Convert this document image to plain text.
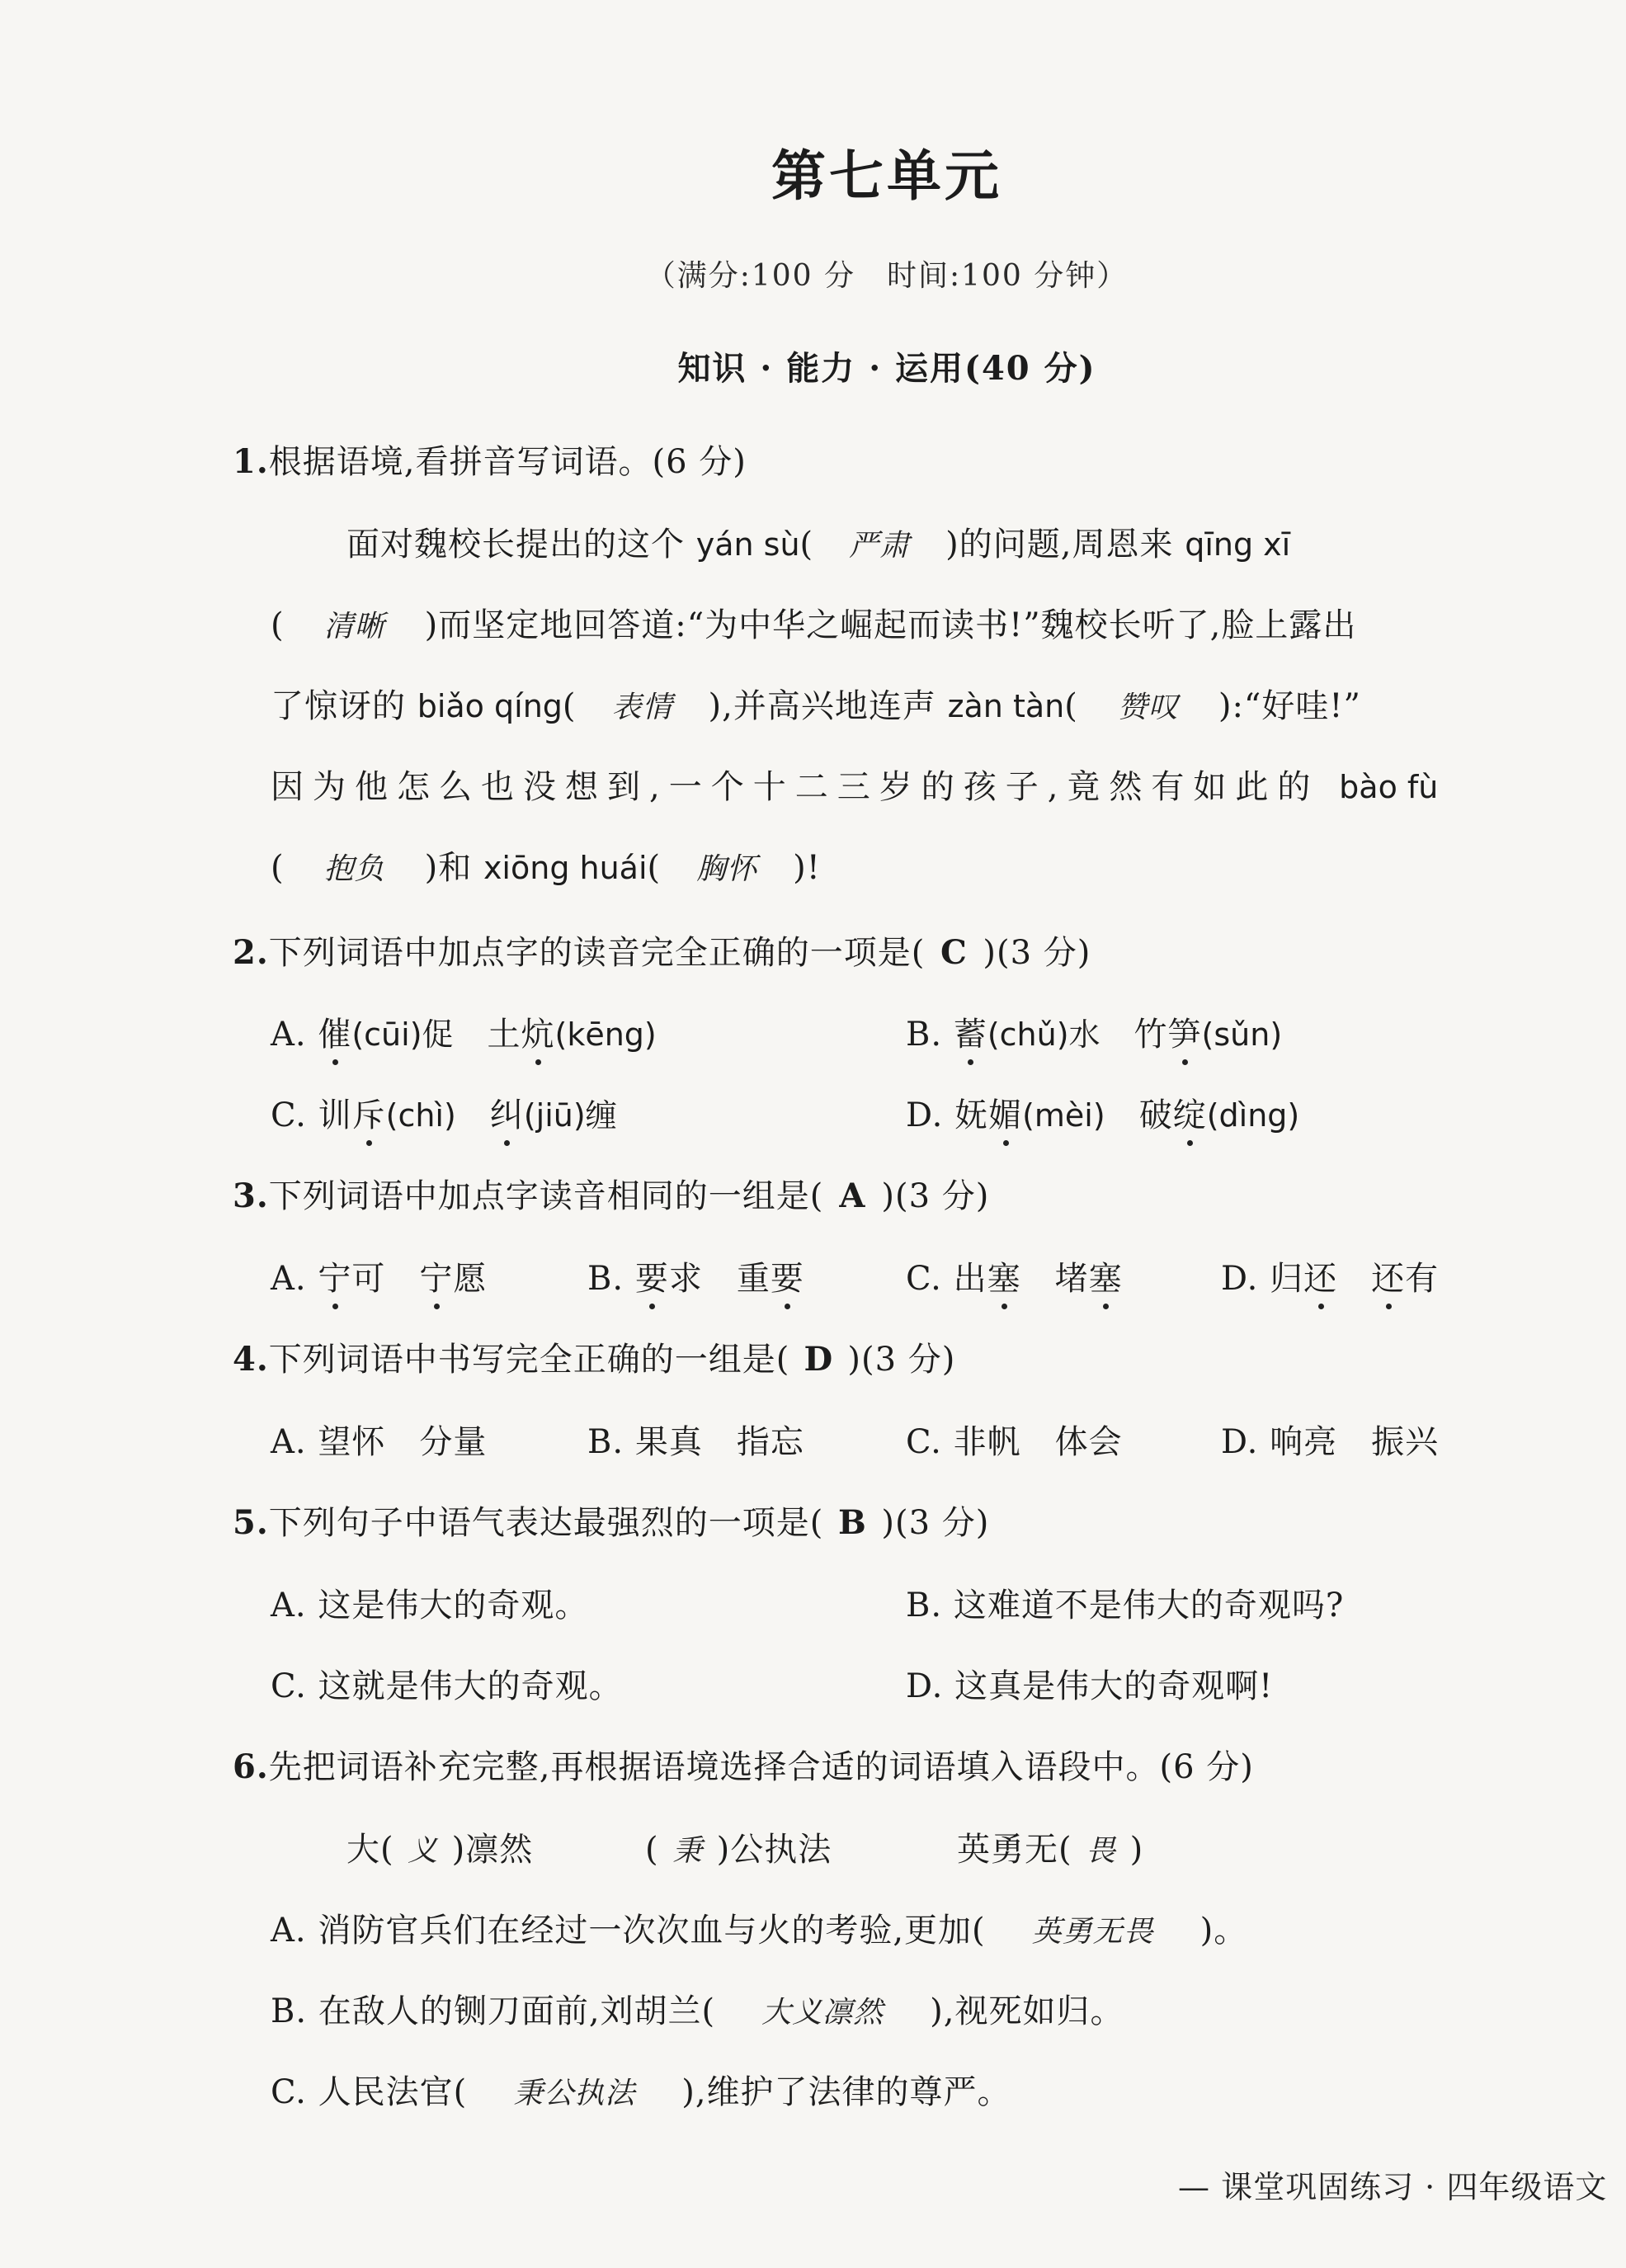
第七单元
（满分:100 分　时间:100 分钟）
知识 · 能力 · 运用(40 分)
1.根据语境,看拼音写词语。(6 分)
面对魏校长提出的这个 yán sù( 严肃 )的问题,周恩来 qīng xī
( 清晰 )而坚定地回答道:“为中华之崛起而读书!”魏校长听了,脸上露出
了惊讶的 biǎo qíng( 表情 ),并高兴地连声 zàn tàn( 赞叹 ):“好哇!”
因为他怎么也没想到,一个十二三岁的孩子,竟然有如此的 bào fù
( 抱负 )和 xiōng huái( 胸怀 )!
2.下列词语中加点字的读音完全正确的一项是( C )(3 分)
A. 催(cūi)促　 土炕(kēng)	B. 蓄(chǔ)水　 竹笋(sǔn)
C. 训斥(chì)　 纠(jiū)缠	D. 妩媚(mèi)　 破绽(dìng)
3.下列词语中加点字读音相同的一组是( A )(3 分)
A. 宁可　 宁愿	B. 要求　 重要	C. 出塞　 堵塞	D. 归还　 还有
4.下列词语中书写完全正确的一组是( D )(3 分)
A. 望怀　分量	B. 果真　指忘	C. 非帆　体会	D. 响亮　振兴
5.下列句子中语气表达最强烈的一项是( B )(3 分)
A. 这是伟大的奇观。	B. 这难道不是伟大的奇观吗?
C. 这就是伟大的奇观。	D. 这真是伟大的奇观啊!
6.先把词语补充完整,再根据语境选择合适的词语填入语段中。(6 分)
大( 义 )凛然	( 秉 )公执法	英勇无( 畏 )
A. 消防官兵们在经过一次次血与火的考验,更加( 英勇无畏 )。
B. 在敌人的铡刀面前,刘胡兰( 大义凛然 ),视死如归。
C. 人民法官( 秉公执法 ),维护了法律的尊严。
— 课堂巩固练习 · 四年级语文
